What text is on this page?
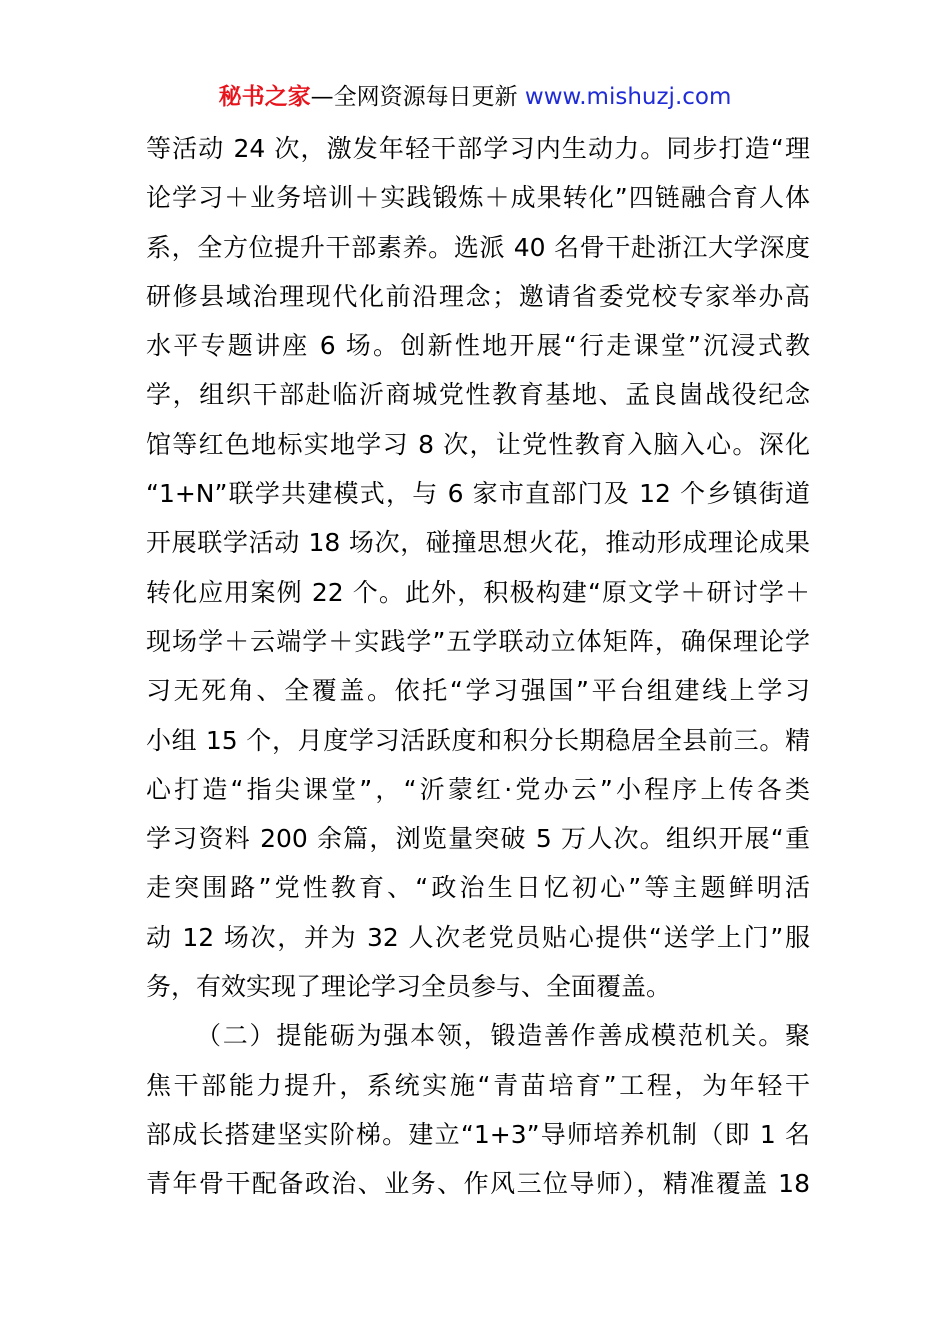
秘书之家—全网资源每日更新 www.mishuzj.com
等活动 24 次，激发年轻干部学习内生动力。同步打造“理
论学习＋业务培训＋实践锻炼＋成果转化”四链融合育人体
系，全方位提升干部素养。选派 40 名骨干赴浙江大学深度
研修县域治理现代化前沿理念；邀请省委党校专家举办高
水平专题讲座 6 场。创新性地开展“行走课堂”沉浸式教
学，组织干部赴临沂商城党性教育基地、孟良崮战役纪念
馆等红色地标实地学习 8 次，让党性教育入脑入心。深化
“1+N”联学共建模式，与 6 家市直部门及 12 个乡镇街道
开展联学活动 18 场次，碰撞思想火花，推动形成理论成果
转化应用案例 22 个。此外，积极构建“原文学＋研讨学＋
现场学＋云端学＋实践学”五学联动立体矩阵，确保理论学
习无死角、全覆盖。依托“学习强国”平台组建线上学习
小组 15 个，月度学习活跃度和积分长期稳居全县前三。精
心打造“指尖课堂”，“沂蒙红·党办云”小程序上传各类
学习资料 200 余篇，浏览量突破 5 万人次。组织开展“重
走突围路”党性教育、“政治生日忆初心”等主题鲜明活
动 12 场次，并为 32 人次老党员贴心提供“送学上门”服
务，有效实现了理论学习全员参与、全面覆盖。
（二）提能砺为强本领，锻造善作善成模范机关。聚
焦干部能力提升，系统实施“青苗培育”工程，为年轻干
部成长搭建坚实阶梯。建立“1+3”导师培养机制（即 1 名
青年骨干配备政治、业务、作风三位导师），精准覆盖 18
